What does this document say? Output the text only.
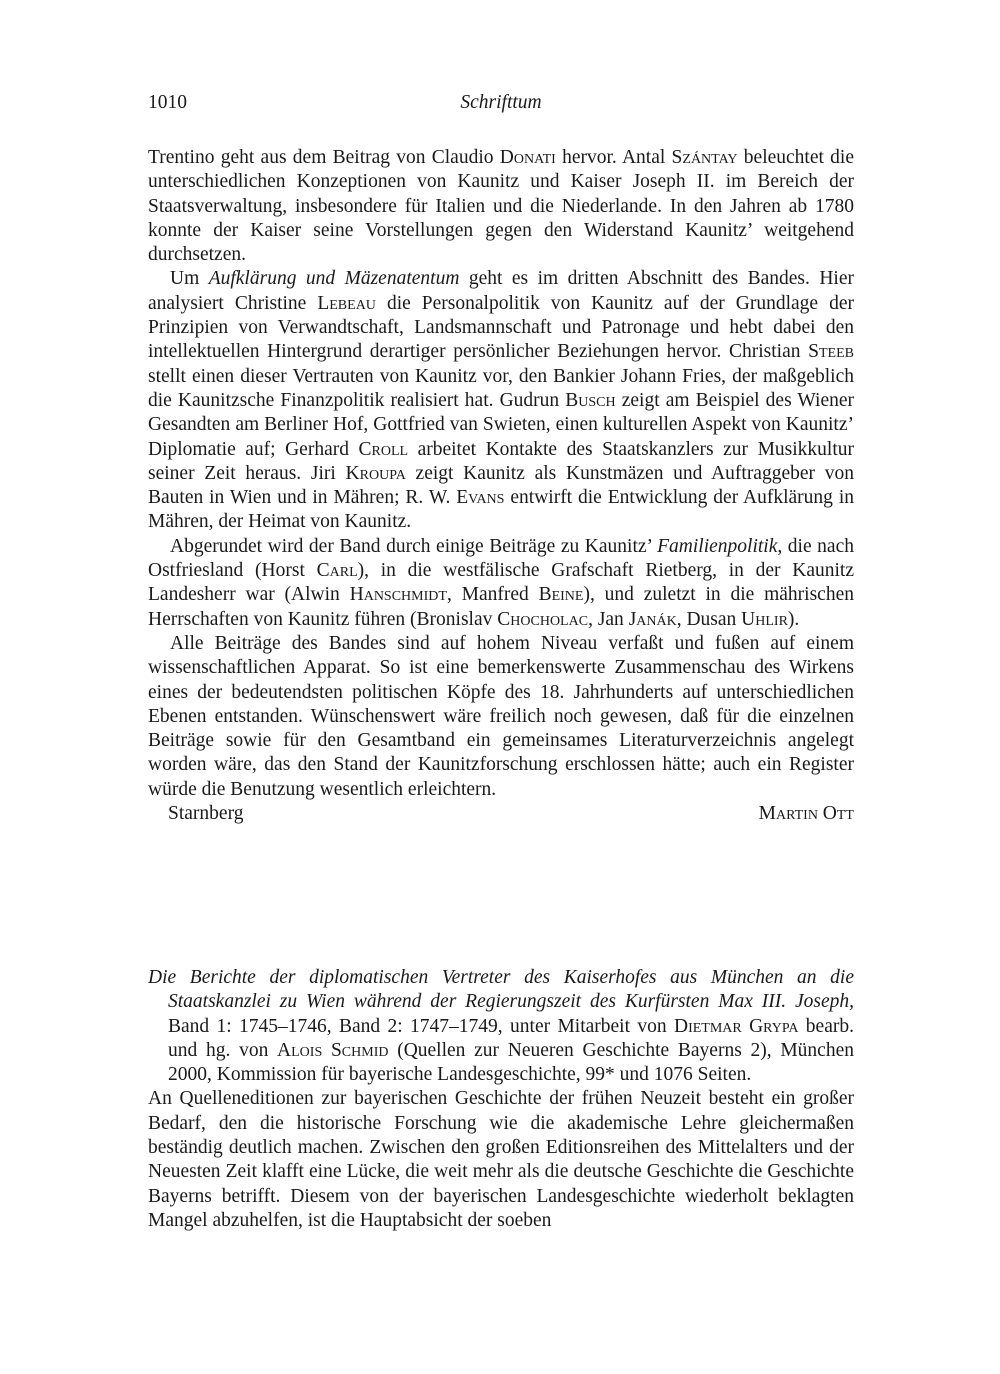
1010	Schrifttum

Trentino geht aus dem Beitrag von Claudio Donati hervor. Antal Szántay beleuchtet die unterschiedlichen Konzeptionen von Kaunitz und Kaiser Joseph II. im Bereich der Staatsverwaltung, insbesondere für Italien und die Niederlande. In den Jahren ab 1780 konnte der Kaiser seine Vorstellungen gegen den Widerstand Kaunitz’ weitgehend durchsetzen.

Um Aufklärung und Mäzenatentum geht es im dritten Abschnitt des Bandes. Hier analysiert Christine Lebeau die Personalpolitik von Kaunitz auf der Grundlage der Prinzipien von Verwandtschaft, Landsmannschaft und Patronage und hebt dabei den intellektuellen Hintergrund derartiger persönlicher Beziehungen hervor. Christian Steeb stellt einen dieser Vertrauten von Kaunitz vor, den Bankier Johann Fries, der maßgeblich die Kaunitzsche Finanzpolitik realisiert hat. Gudrun Busch zeigt am Beispiel des Wiener Gesandten am Berliner Hof, Gottfried van Swieten, einen kulturellen Aspekt von Kaunitz’ Diplomatie auf; Gerhard Croll arbeitet Kontakte des Staatskanzlers zur Musikkultur seiner Zeit heraus. Jiri Kroupa zeigt Kaunitz als Kunstmäzen und Auftraggeber von Bauten in Wien und in Mähren; R. W. Evans entwirft die Entwicklung der Aufklärung in Mähren, der Heimat von Kaunitz.

Abgerundet wird der Band durch einige Beiträge zu Kaunitz’ Familienpolitik, die nach Ostfriesland (Horst Carl), in die westfälische Grafschaft Rietberg, in der Kaunitz Landesherr war (Alwin Hanschmidt, Manfred Beine), und zuletzt in die mährischen Herrschaften von Kaunitz führen (Bronislav Chocholac, Jan Janák, Dusan Uhlir).

Alle Beiträge des Bandes sind auf hohem Niveau verfaßt und fußen auf einem wissenschaftlichen Apparat. So ist eine bemerkenswerte Zusammenschau des Wirkens eines der bedeutendsten politischen Köpfe des 18. Jahrhunderts auf unterschiedlichen Ebenen entstanden. Wünschenswert wäre freilich noch gewesen, daß für die einzelnen Beiträge sowie für den Gesamtband ein gemeinsames Literaturverzeichnis angelegt worden wäre, das den Stand der Kaunitzforschung erschlossen hätte; auch ein Register würde die Benutzung wesentlich erleichtern.

Starnberg	Martin Ott

Die Berichte der diplomatischen Vertreter des Kaiserhofes aus München an die Staatskanzlei zu Wien während der Regierungszeit des Kurfürsten Max III. Joseph, Band 1: 1745–1746, Band 2: 1747–1749, unter Mitarbeit von Dietmar Grypa bearb. und hg. von Alois Schmid (Quellen zur Neueren Geschichte Bayerns 2), München 2000, Kommission für bayerische Landesgeschichte, 99* und 1076 Seiten.

An Quelleneditionen zur bayerischen Geschichte der frühen Neuzeit besteht ein großer Bedarf, den die historische Forschung wie die akademische Lehre gleichermaßen beständig deutlich machen. Zwischen den großen Editionsreihen des Mittelalters und der Neuesten Zeit klafft eine Lücke, die weit mehr als die deutsche Geschichte die Geschichte Bayerns betrifft. Diesem von der bayerischen Landesgeschichte wiederholt beklagten Mangel abzuhelfen, ist die Hauptabsicht der soeben
